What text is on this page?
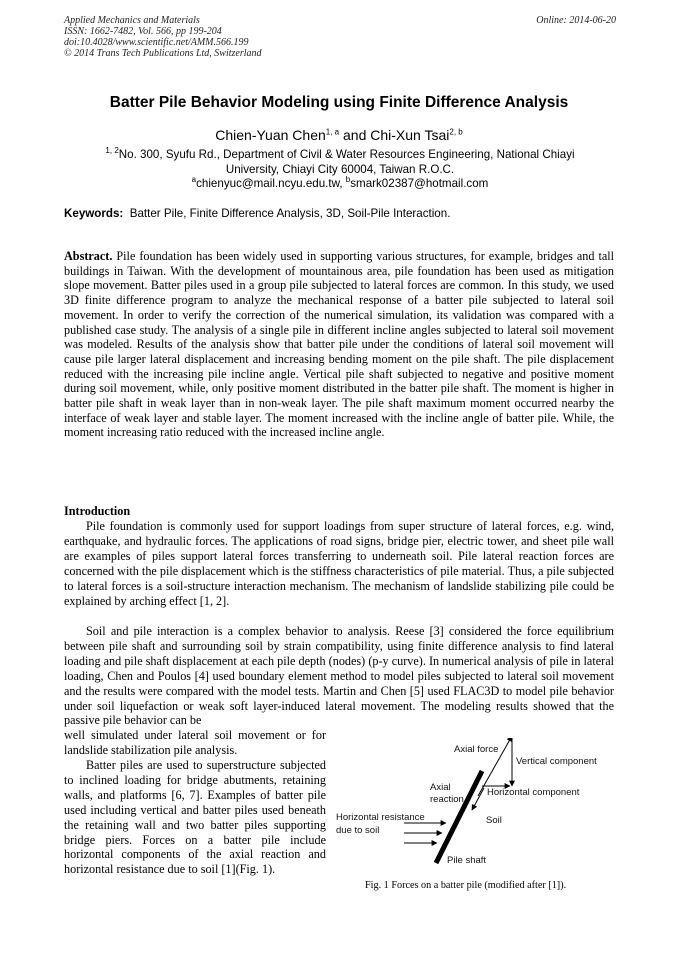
Applied Mechanics and Materials
ISSN: 1662-7482, Vol. 566, pp 199-204
doi:10.4028/www.scientific.net/AMM.566.199
© 2014 Trans Tech Publications Ltd, Switzerland
Online: 2014-06-20
Batter Pile Behavior Modeling using Finite Difference Analysis
Chien-Yuan Chen$^{1, a}$ and Chi-Xun Tsai$^{2, b}$
$^{1, 2}$No. 300, Syufu Rd., Department of Civil & Water Resources Engineering, National Chiayi
University, Chiayi City 60004, Taiwan R.O.C.
$^a$chienyuc@mail.ncyu.edu.tw, $^b$smark02387@hotmail.com
Keywords: Batter Pile, Finite Difference Analysis, 3D, Soil-Pile Interaction.

Abstract. Pile foundation has been widely used in supporting various structures, for example, bridges and tall buildings in Taiwan. With the development of mountainous area, pile foundation has been used as mitigation slope movement. Batter piles used in a group pile subjected to lateral forces are common. In this study, we used 3D finite difference program to analyze the mechanical response of a batter pile subjected to lateral soil movement. In order to verify the correction of the numerical simulation, its validation was compared with a published case study. The analysis of a single pile in different incline angles subjected to lateral soil movement was modeled. Results of the analysis show that batter pile under the conditions of lateral soil movement will cause pile larger lateral displacement and increasing bending moment on the pile shaft. The pile displacement reduced with the increasing pile incline angle. Vertical pile shaft subjected to negative and positive moment during soil movement, while, only positive moment distributed in the batter pile shaft. The moment is higher in batter pile shaft in weak layer than in non-weak layer. The pile shaft maximum moment occurred nearby the interface of weak layer and stable layer. The moment increased with the incline angle of batter pile. While, the moment increasing ratio reduced with the increased incline angle.

Introduction

Pile foundation is commonly used for support loadings from super structure of lateral forces, e.g. wind, earthquake, and hydraulic forces. The applications of road signs, bridge pier, electric tower, and sheet pile wall are examples of piles support lateral forces transferring to underneath soil. Pile lateral reaction forces are concerned with the pile displacement which is the stiffness characteristics of pile material. Thus, a pile subjected to lateral forces is a soil-structure interaction mechanism. The mechanism of landslide stabilizing pile could be explained by arching effect [1, 2].

Soil and pile interaction is a complex behavior to analysis. Reese [3] considered the force equilibrium between pile shaft and surrounding soil by strain compatibility, using finite difference analysis to find lateral loading and pile shaft displacement at each pile depth (nodes) (p-y curve). In numerical analysis of pile in lateral loading, Chen and Poulos [4] used boundary element method to model piles subjected to lateral soil movement and the results were compared with the model tests. Martin and Chen [5] used FLAC3D to model pile behavior under soil liquefaction or weak soft layer-induced lateral movement. The modeling results showed that the passive pile behavior can be

well simulated under lateral soil movement or for landslide stabilization pile analysis.

Batter piles are used to superstructure subjected to inclined loading for bridge abutments, retaining walls, and platforms [6, 7]. Examples of batter pile used including vertical and batter piles used beneath the retaining wall and two batter piles supporting bridge piers. Forces on a batter pile include horizontal components of the axial reaction and horizontal resistance due to soil [1](Fig. 1).

Axial force
Vertical component
Axial
reaction
Horizontal component
Horizontal resistance
due to soil
Soil
Pile shaft
Fig. 1 Forces on a batter pile (modified after [1]).
